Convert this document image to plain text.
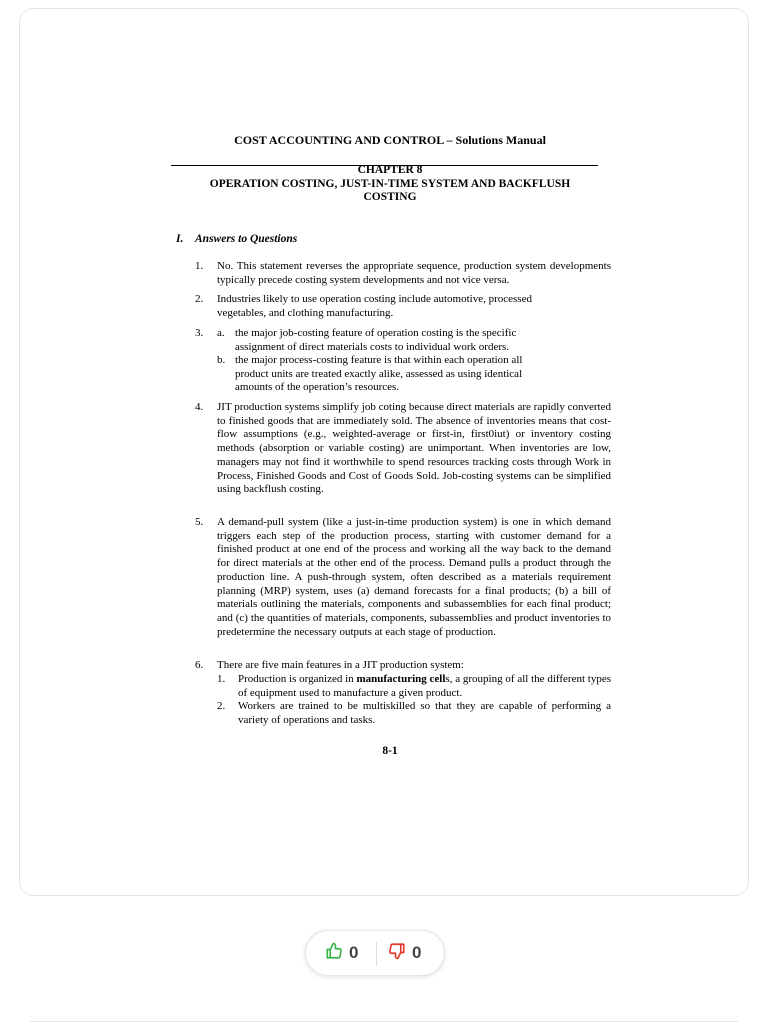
COST ACCOUNTING AND CONTROL – Solutions Manual
CHAPTER 8
OPERATION COSTING, JUST-IN-TIME SYSTEM AND BACKFLUSH
COSTING
I. Answers to Questions
1. No. This statement reverses the appropriate sequence, production system developments typically precede costing system developments and not vice versa.
2. Industries likely to use operation costing include automotive, processed
vegetables, and clothing manufacturing.
3. a. the major job-costing feature of operation costing is the specific
assignment of direct materials costs to individual work orders.
b. the major process-costing feature is that within each operation all
product units are treated exactly alike, assessed as using identical
amounts of the operation’s resources.
4. JIT production systems simplify job coting because direct materials are rapidly converted to finished goods that are immediately sold. The absence of inventories means that cost-flow assumptions (e.g., weighted-average or first-in, first0iut) or inventory costing methods (absorption or variable costing) are unimportant. When inventories are low, managers may not find it worthwhile to spend resources tracking costs through Work in Process, Finished Goods and Cost of Goods Sold. Job-costing systems can be simplified using backflush costing.
5. A demand-pull system (like a just-in-time production system) is one in which demand triggers each step of the production process, starting with customer demand for a finished product at one end of the process and working all the way back to the demand for direct materials at the other end of the process. Demand pulls a product through the production line. A push-through system, often described as a materials requirement planning (MRP) system, uses (a) demand forecasts for a final products; (b) a bill of materials outlining the materials, components and subassemblies for each final product; and (c) the quantities of materials, components, subassemblies and product inventories to predetermine the necessary outputs at each stage of production.
6. There are five main features in a JIT production system:
1. Production is organized in manufacturing cells, a grouping of all the different types of equipment used to manufacture a given product.
2. Workers are trained to be multiskilled so that they are capable of performing a variety of operations and tasks.
8-1
0	0
